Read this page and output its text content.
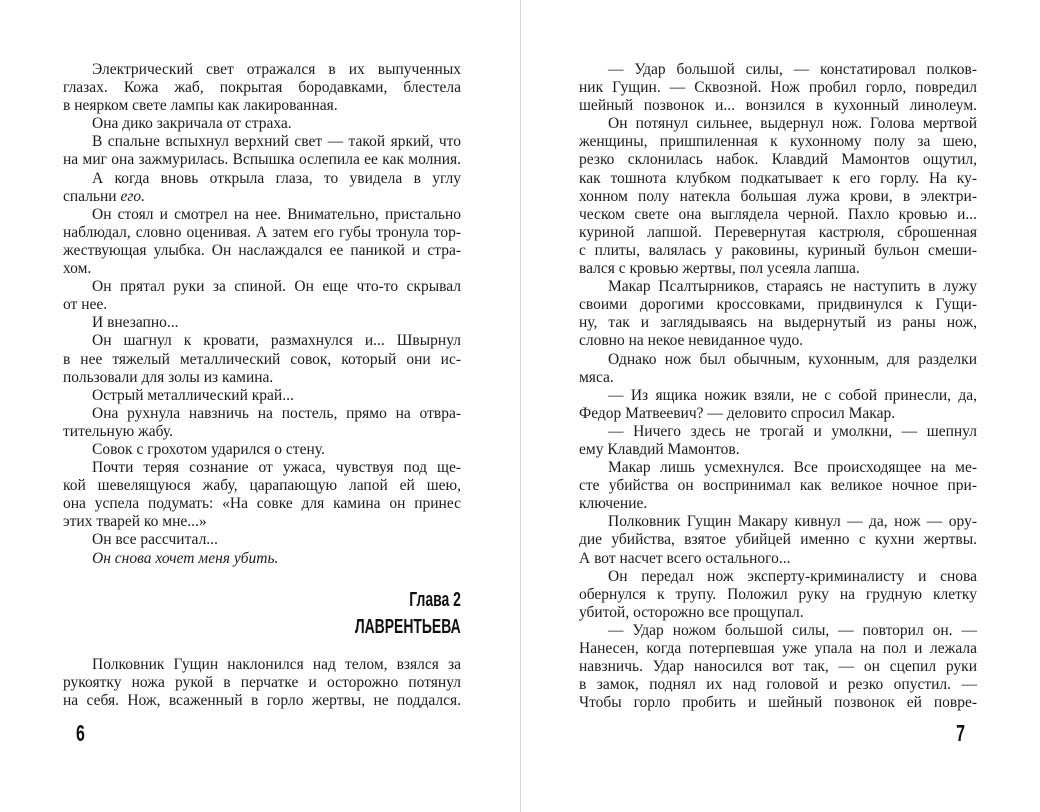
Электрический свет отражался в их выпученных
глазах. Кожа жаб, покрытая бородавками, блестела
в неярком свете лампы как лакированная.
Она дико закричала от страха.
В спальне вспыхнул верхний свет — такой яркий, что
на миг она зажмурилась. Вспышка ослепила ее как молния.
А когда вновь открыла глаза, то увидела в углу
спальни его.
Он стоял и смотрел на нее. Внимательно, пристально
наблюдал, словно оценивая. А затем его губы тронула тор-
жествующая улыбка. Он наслаждался ее паникой и стра-
хом.
Он прятал руки за спиной. Он еще что-то скрывал
от нее.
И внезапно...
Он шагнул к кровати, размахнулся и... Швырнул
в нее тяжелый металлический совок, который они ис-
пользовали для золы из камина.
Острый металлический край...
Она рухнула навзничь на постель, прямо на отвра-
тительную жабу.
Совок с грохотом ударился о стену.
Почти теряя сознание от ужаса, чувствуя под ще-
кой шевелящуюся жабу, царапающую лапой ей шею,
она успела подумать: «На совке для камина он принес
этих тварей ко мне...»
Он все рассчитал...
Он снова хочет меня убить.
Глава 2
ЛАВРЕНТЬЕВА
Полковник Гущин наклонился над телом, взялся за
рукоятку ножа рукой в перчатке и осторожно потянул
на себя. Нож, всаженный в горло жертвы, не поддался.
— Удар большой силы, — констатировал полков-
ник Гущин. — Сквозной. Нож пробил горло, повредил
шейный позвонок и... вонзился в кухонный линолеум.
Он потянул сильнее, выдернул нож. Голова мертвой
женщины, пришпиленная к кухонному полу за шею,
резко склонилась набок. Клавдий Мамонтов ощутил,
как тошнота клубком подкатывает к его горлу. На ку-
хонном полу натекла большая лужа крови, в электри-
ческом свете она выглядела черной. Пахло кровью и...
куриной лапшой. Перевернутая кастрюля, сброшенная
с плиты, валялась у раковины, куриный бульон смеши-
вался с кровью жертвы, пол усеяла лапша.
Макар Псалтырников, стараясь не наступить в лужу
своими дорогими кроссовками, придвинулся к Гущи-
ну, так и заглядываясь на выдернутый из раны нож,
словно на некое невиданное чудо.
Однако нож был обычным, кухонным, для разделки
мяса.
— Из ящика ножик взяли, не с собой принесли, да,
Федор Матвеевич? — деловито спросил Макар.
— Ничего здесь не трогай и умолкни, — шепнул
ему Клавдий Мамонтов.
Макар лишь усмехнулся. Все происходящее на ме-
сте убийства он воспринимал как великое ночное при-
ключение.
Полковник Гущин Макару кивнул — да, нож — ору-
дие убийства, взятое убийцей именно с кухни жертвы.
А вот насчет всего остального...
Он передал нож эксперту-криминалисту и снова
обернулся к трупу. Положил руку на грудную клетку
убитой, осторожно все прощупал.
— Удар ножом большой силы, — повторил он. —
Нанесен, когда потерпевшая уже упала на пол и лежала
навзничь. Удар наносился вот так, — он сцепил руки
в замок, поднял их над головой и резко опустил. —
Чтобы горло пробить и шейный позвонок ей повре-
6	7
